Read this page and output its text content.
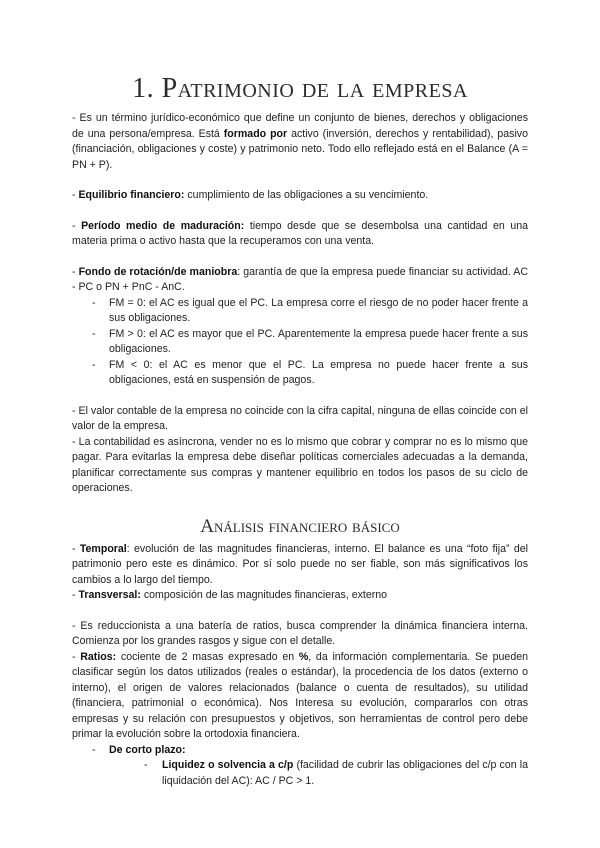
1. Patrimonio de la empresa

- Es un término jurídico-económico que define un conjunto de bienes, derechos y obligaciones de una persona/empresa. Está formado por activo (inversión, derechos y rentabilidad), pasivo (financiación, obligaciones y coste) y patrimonio neto. Todo ello reflejado está en el Balance (A = PN + P).

- Equilibrio financiero: cumplimiento de las obligaciones a su vencimiento.

- Período medio de maduración: tiempo desde que se desembolsa una cantidad en una materia prima o activo hasta que la recuperamos con una venta.

- Fondo de rotación/de maniobra: garantía de que la empresa puede financiar su actividad. AC - PC o PN + PnC - AnC.

- FM = 0: el AC es igual que el PC. La empresa corre el riesgo de no poder hacer frente a sus obligaciones.
- FM > 0: el AC es mayor que el PC. Aparentemente la empresa puede hacer frente a sus obligaciones.
- FM < 0: el AC es menor que el PC. La empresa no puede hacer frente a sus obligaciones, está en suspensión de pagos.

- El valor contable de la empresa no coincide con la cifra capital, ninguna de ellas coincide con el valor de la empresa.

- La contabilidad es asíncrona, vender no es lo mismo que cobrar y comprar no es lo mismo que pagar. Para evitarlas la empresa debe diseñar políticas comerciales adecuadas a la demanda, planificar correctamente sus compras y mantener equilibrio en todos los pasos de su ciclo de operaciones.

Análisis financiero básico

- Temporal: evolución de las magnitudes financieras, interno. El balance es una “foto fija” del patrimonio pero este es dinámico. Por sí solo puede no ser fiable, son más significativos los cambios a lo largo del tiempo.

- Transversal: composición de las magnitudes financieras, externo

- Es reduccionista a una batería de ratios, busca comprender la dinámica financiera interna. Comienza por los grandes rasgos y sigue con el detalle.

- Ratios: cociente de 2 masas expresado en %, da información complementaria. Se pueden clasificar según los datos utilizados (reales o estándar), la procedencia de los datos (externo o interno), el origen de valores relacionados (balance o cuenta de resultados), su utilidad (financiera, patrimonial o económica). Nos Interesa su evolución, compararlos con otras empresas y su relación con presupuestos y objetivos, son herramientas de control pero debe primar la evolución sobre la ortodoxia financiera.

- De corto plazo:
- Liquidez o solvencia a c/p (facilidad de cubrir las obligaciones del c/p con la liquidación del AC): AC / PC > 1.
